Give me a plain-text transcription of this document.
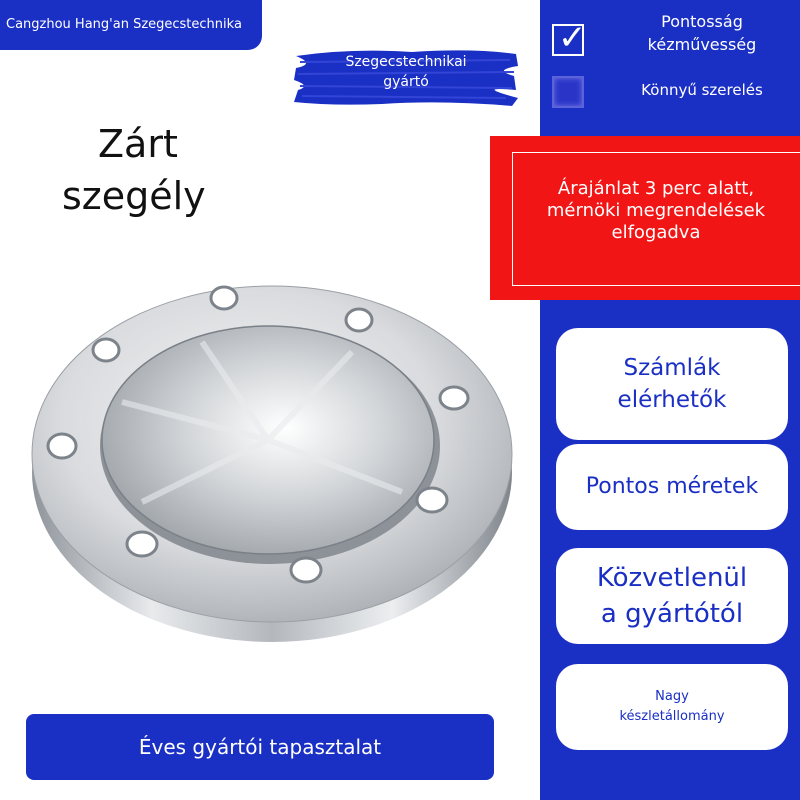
Cangzhou Hang'an Szegecstechnika
Szegecstechnikai
gyártó
Zárt
szegély
✓	Pontosság
kézművesség
Könnyű szerelés
Árajánlat 3 perc alatt,
mérnöki megrendelések
elfogadva
Számlák
elérhetők
Pontos méretek
Közvetlenül
a gyártótól
Nagy
készletállomány
Éves gyártói tapasztalat
